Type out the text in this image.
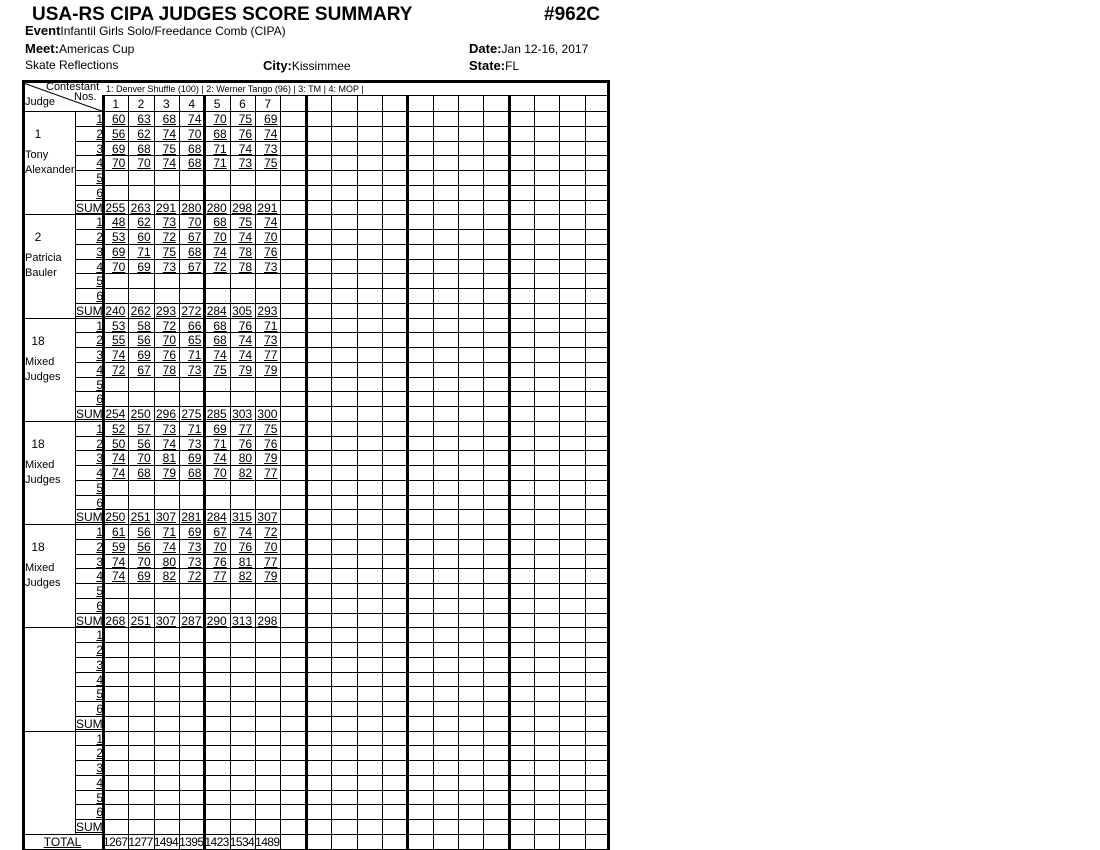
USA-RS CIPA JUDGES SCORE SUMMARY	#962C
EventInfantil Girls Solo/Freedance Comb (CIPA)
Meet:Americas Cup	Date:Jan 12-16, 2017
Skate Reflections	City:Kissimmee	State:FL
Contestant
Nos.
Judge
1: Denver Shuffle (100) | 2: Werner Tango (96) | 3: TM | 4: MOP |
1	2	3	4	5	6	7
1
Tony
Alexander
1 60 63 68	74 70	75 69
2 56 62 74	70 68	76 74
3 69 68 75	68 71	74 73
4 70 70 74	68 71	73 75
5
6
SUM 255 263 291 280 280 298 291
2
Patricia
Bauler
1 48 62 73	70 68	75 74
2 53 60 72	67 70	74 70
3 69 71 75	68 74	78 76
4 70 69 73	67 72	78 73
5
6
SUM 240 262 293 272 284 305 293
18
Mixed
Judges
1 53 58 72	66 68	76 71
2 55 56 70	65 68	74 73
3 74 69 76	71 74	74 77
4 72 67 78	73 75	79 79
5
6
SUM 254 250 296 275 285 303 300
18
Mixed
Judges
1 52 57 73	71 69	77 75
2 50 56 74	73 71	76 76
3 74 70 81	69 74	80 79
4 74 68 79	68 70	82 77
5
6
SUM 250 251 307 281 284 315 307
18
Mixed
Judges
1 61 56 71	69 67	74 72
2 59 56 74	73 70	76 70
3 74 70 80	73 76	81 77
4 74 69 82	72 77	82 79
5
6
SUM 268 251 307 287 290 313 298
1
2
3
4
5
6
SUM
1
2
3
4
5
6
SUM
TOTAL	1267 1277 1494 1395 1423 1534 1489
